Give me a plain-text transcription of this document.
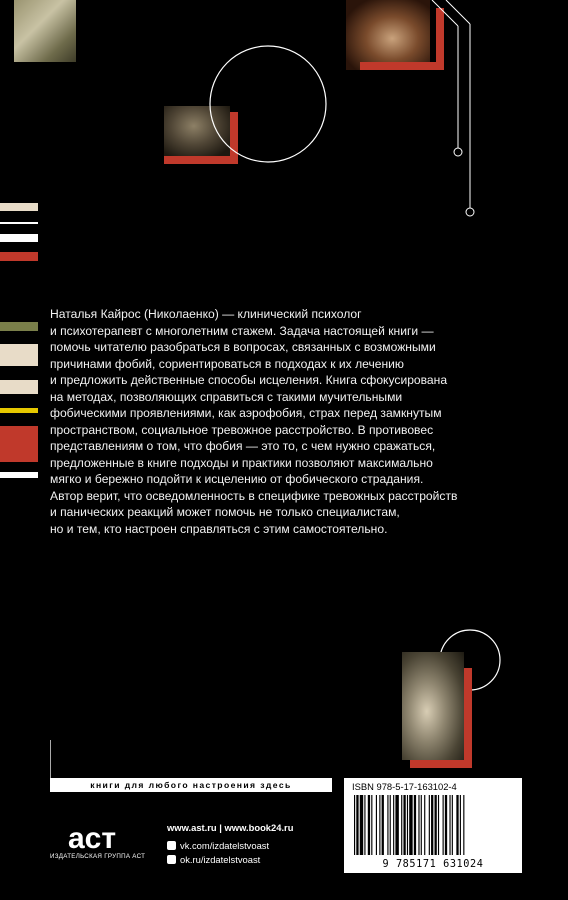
Наталья Кайрос (Николаенко) — клинический психолог
и психотерапевт с многолетним стажем. Задача настоящей книги —
помочь читателю разобраться в вопросах, связанных с возможными
причинами фобий, сориентироваться в подходах к их лечению
и предложить действенные способы исцеления. Книга сфокусирована
на методах, позволяющих справиться с такими мучительными
фобическими проявлениями, как аэрофобия, страх перед замкнутым
пространством, социальное тревожное расстройство. В противовес
представлениям о том, что фобия — это то, с чем нужно сражаться,
предложенные в книге подходы и практики позволяют максимально
мягко и бережно подойти к исцелению от фобического страдания.
Автор верит, что осведомленность в специфике тревожных расстройств
и панических реакций может помочь не только специалистам,
но и тем, кто настроен справляться с этим самостоятельно.
книги для любого настроения здесь
аст
ИЗДАТЕЛЬСКАЯ ГРУППА АСТ
www.ast.ru | www.book24.ru
vk.com/izdatelstvoast
ok.ru/izdatelstvoast
ISBN 978-5-17-163102-4
9 785171 631024
